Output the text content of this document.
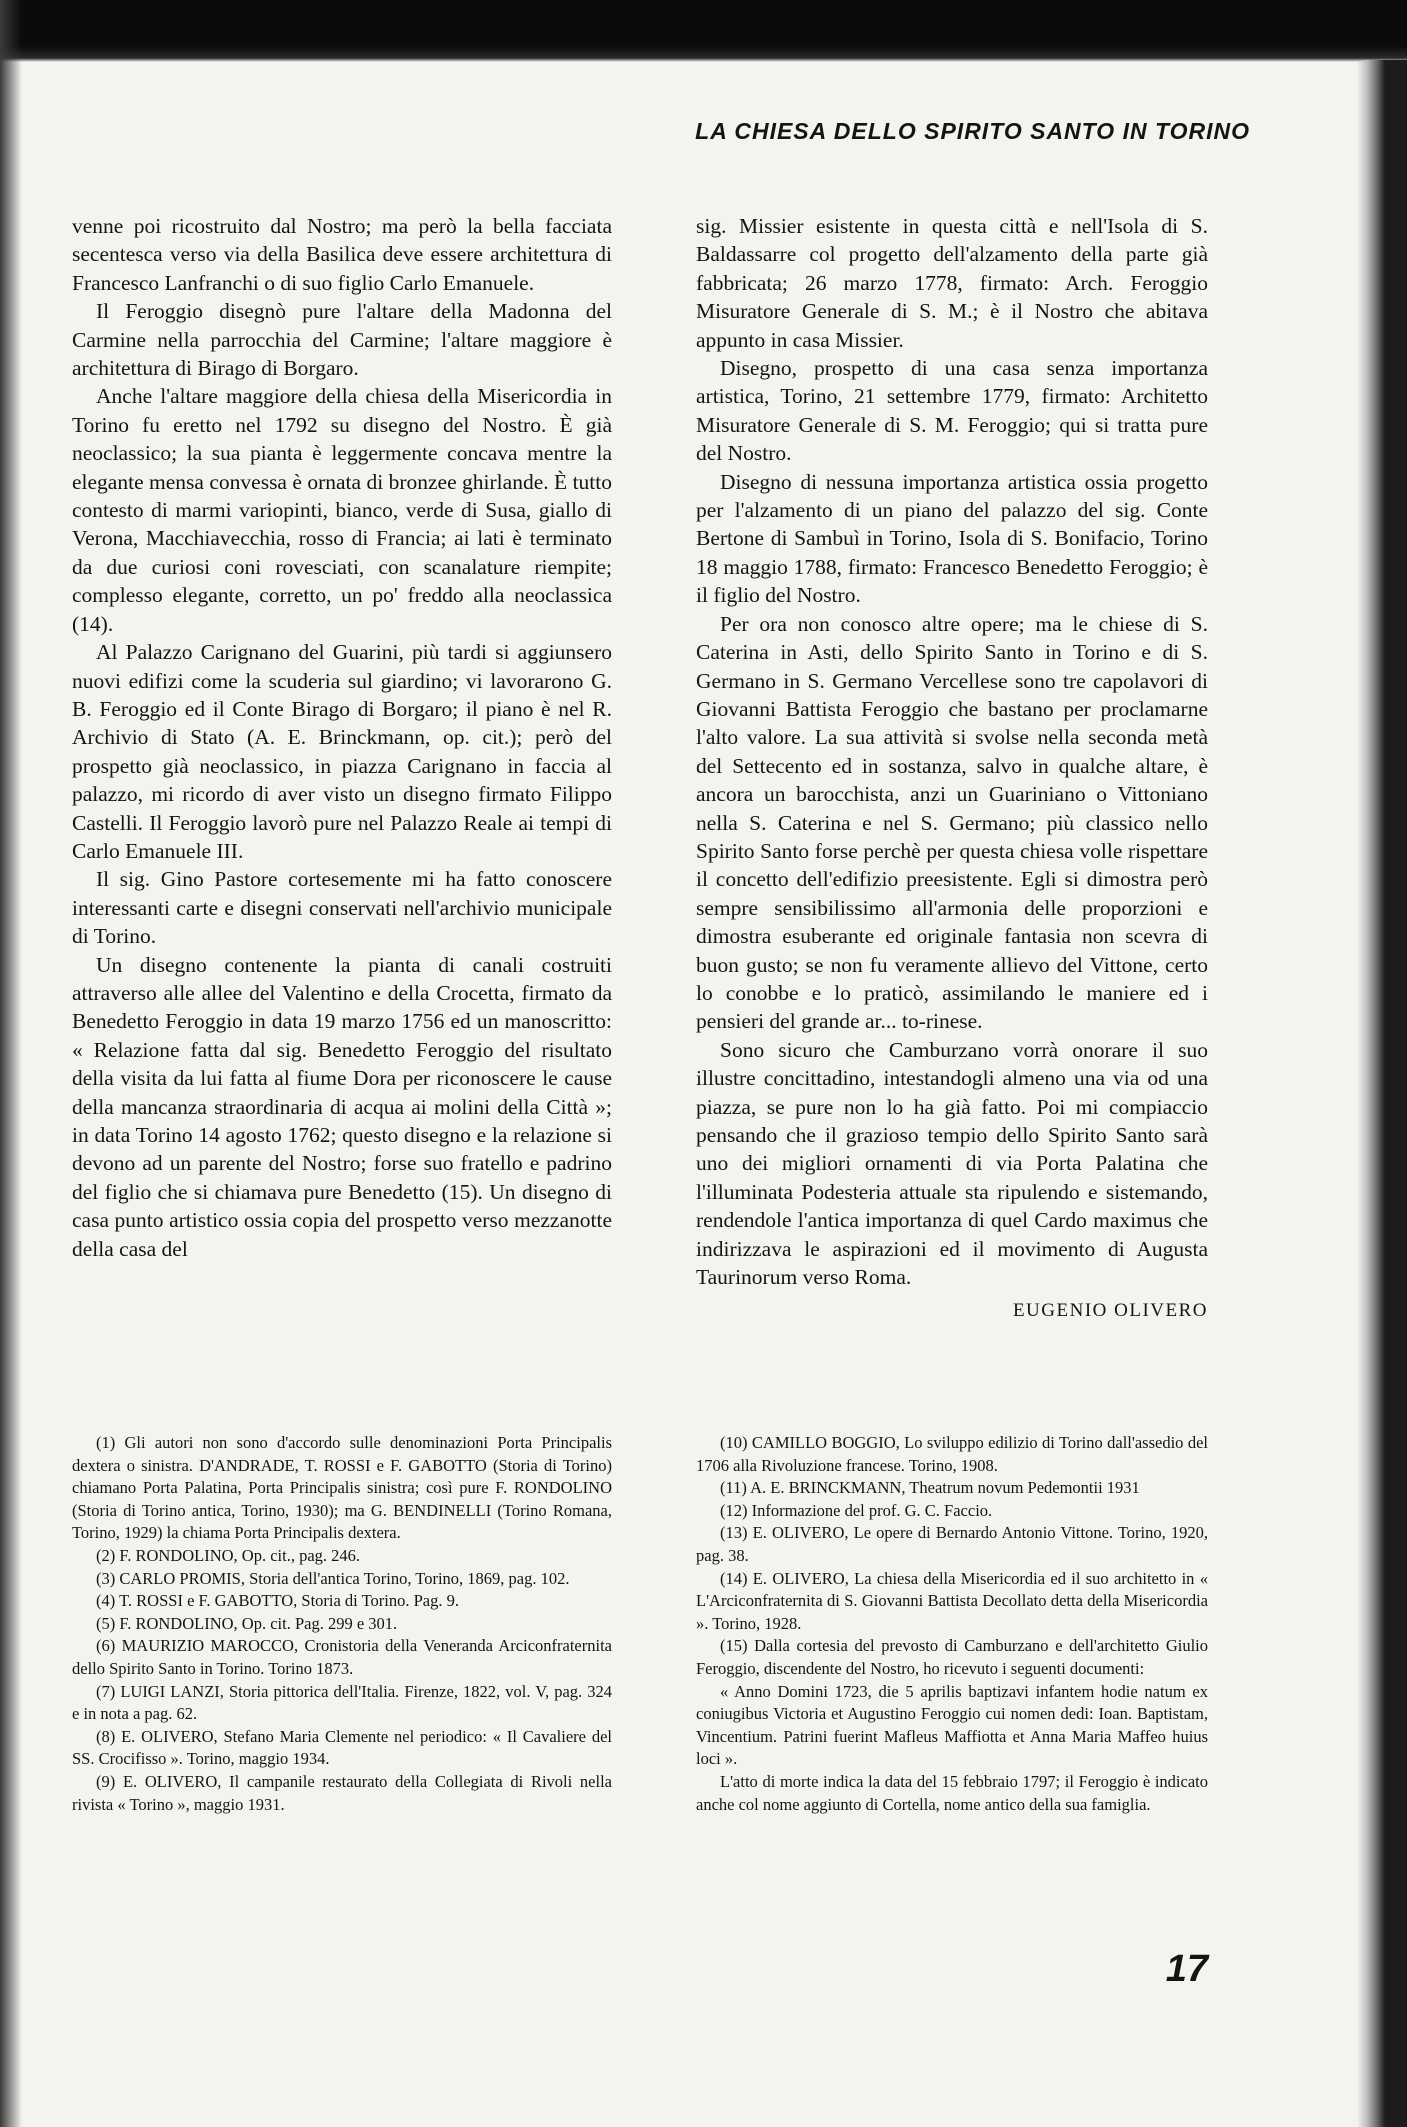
LA CHIESA DELLO SPIRITO SANTO IN TORINO

venne poi ricostruito dal Nostro; ma però la bella facciata secentesca verso via della Basilica deve essere architettura di Francesco Lanfranchi o di suo figlio Carlo Emanuele.

Il Feroggio disegnò pure l'altare della Madonna del Carmine nella parrocchia del Carmine; l'altare maggiore è architettura di Birago di Borgaro.

Anche l'altare maggiore della chiesa della Misericordia in Torino fu eretto nel 1792 su disegno del Nostro. È già neoclassico; la sua pianta è leggermente concava mentre la elegante mensa convessa è ornata di bronzee ghirlande. È tutto contesto di marmi variopinti, bianco, verde di Susa, giallo di Verona, Macchiavecchia, rosso di Francia; ai lati è terminato da due curiosi coni rovesciati, con scanalature riempite; complesso elegante, corretto, un po' freddo alla neoclassica (14).

Al Palazzo Carignano del Guarini, più tardi si aggiunsero nuovi edifizi come la scuderia sul giardino; vi lavorarono G. B. Feroggio ed il Conte Birago di Borgaro; il piano è nel R. Archivio di Stato (A. E. Brinckmann, op. cit.); però del prospetto già neoclassico, in piazza Carignano in faccia al palazzo, mi ricordo di aver visto un disegno firmato Filippo Castelli. Il Feroggio lavorò pure nel Palazzo Reale ai tempi di Carlo Emanuele III.

Il sig. Gino Pastore cortesemente mi ha fatto conoscere interessanti carte e disegni conservati nell'archivio municipale di Torino.

Un disegno contenente la pianta di canali costruiti attraverso alle allee del Valentino e della Crocetta, firmato da Benedetto Feroggio in data 19 marzo 1756 ed un manoscritto: « Relazione fatta dal sig. Benedetto Feroggio del risultato della visita da lui fatta al fiume Dora per riconoscere le cause della mancanza straordinaria di acqua ai molini della Città »; in data Torino 14 agosto 1762; questo disegno e la relazione si devono ad un parente del Nostro; forse suo fratello e padrino del figlio che si chiamava pure Benedetto (15). Un disegno di casa punto artistico ossia copia del prospetto verso mezzanotte della casa del

sig. Missier esistente in questa città e nell'Isola di S. Baldassarre col progetto dell'alzamento della parte già fabbricata; 26 marzo 1778, firmato: Arch. Feroggio Misuratore Generale di S. M.; è il Nostro che abitava appunto in casa Missier.

Disegno, prospetto di una casa senza importanza artistica, Torino, 21 settembre 1779, firmato: Architetto Misuratore Generale di S. M. Feroggio; qui si tratta pure del Nostro.

Disegno di nessuna importanza artistica ossia progetto per l'alzamento di un piano del palazzo del sig. Conte Bertone di Sambuì in Torino, Isola di S. Bonifacio, Torino 18 maggio 1788, firmato: Francesco Benedetto Feroggio; è il figlio del Nostro.

Per ora non conosco altre opere; ma le chiese di S. Caterina in Asti, dello Spirito Santo in Torino e di S. Germano in S. Germano Vercellese sono tre capolavori di Giovanni Battista Feroggio che bastano per proclamarne l'alto valore. La sua attività si svolse nella seconda metà del Settecento ed in sostanza, salvo in qualche altare, è ancora un barocchista, anzi un Guariniano o Vittoniano nella S. Caterina e nel S. Germano; più classico nello Spirito Santo forse perchè per questa chiesa volle rispettare il concetto dell'edifizio preesistente. Egli si dimostra però sempre sensibilissimo all'armonia delle proporzioni e dimostra esuberante ed originale fantasia non scevra di buon gusto; se non fu veramente allievo del Vittone, certo lo conobbe e lo praticò, assimilando le maniere ed i pensieri del grande ar... to-rinese.

Sono sicuro che Camburzano vorrà onorare il suo illustre concittadino, intestandogli almeno una via od una piazza, se pure non lo ha già fatto. Poi mi compiaccio pensando che il grazioso tempio dello Spirito Santo sarà uno dei migliori ornamenti di via Porta Palatina che l'illuminata Podesteria attuale sta ripulendo e sistemando, rendendole l'antica importanza di quel Cardo maximus che indirizzava le aspirazioni ed il movimento di Augusta Taurinorum verso Roma.

EUGENIO OLIVERO

(1) Gli autori non sono d'accordo sulle denominazioni Porta Principalis dextera o sinistra. D'ANDRADE, T. ROSSI e F. GABOTTO (Storia di Torino) chiamano Porta Palatina, Porta Principalis sinistra; così pure F. RONDOLINO (Storia di Torino antica, Torino, 1930); ma G. BENDINELLI (Torino Romana, Torino, 1929) la chiama Porta Principalis dextera.

(2) F. RONDOLINO, Op. cit., pag. 246.

(3) CARLO PROMIS, Storia dell'antica Torino, Torino, 1869, pag. 102.

(4) T. ROSSI e F. GABOTTO, Storia di Torino. Pag. 9.

(5) F. RONDOLINO, Op. cit. Pag. 299 e 301.

(6) MAURIZIO MAROCCO, Cronistoria della Veneranda Arciconfraternita dello Spirito Santo in Torino. Torino 1873.

(7) LUIGI LANZI, Storia pittorica dell'Italia. Firenze, 1822, vol. V, pag. 324 e in nota a pag. 62.

(8) E. OLIVERO, Stefano Maria Clemente nel periodico: « Il Cavaliere del SS. Crocifisso ». Torino, maggio 1934.

(9) E. OLIVERO, Il campanile restaurato della Collegiata di Rivoli nella rivista « Torino », maggio 1931.

(10) CAMILLO BOGGIO, Lo sviluppo edilizio di Torino dall'assedio del 1706 alla Rivoluzione francese. Torino, 1908.

(11) A. E. BRINCKMANN, Theatrum novum Pedemontii 1931

(12) Informazione del prof. G. C. Faccio.

(13) E. OLIVERO, Le opere di Bernardo Antonio Vittone. Torino, 1920, pag. 38.

(14) E. OLIVERO, La chiesa della Misericordia ed il suo architetto in « L'Arciconfraternita di S. Giovanni Battista Decollato detta della Misericordia ». Torino, 1928.

(15) Dalla cortesia del prevosto di Camburzano e dell'architetto Giulio Feroggio, discendente del Nostro, ho ricevuto i seguenti documenti:

« Anno Domini 1723, die 5 aprilis baptizavi infantem hodie natum ex coniugibus Victoria et Augustino Feroggio cui nomen dedi: Ioan. Baptistam, Vincentium. Patrini fuerint Mafleus Maffiotta et Anna Maria Maffeo huius loci ».

L'atto di morte indica la data del 15 febbraio 1797; il Feroggio è indicato anche col nome aggiunto di Cortella, nome antico della sua famiglia.

17
